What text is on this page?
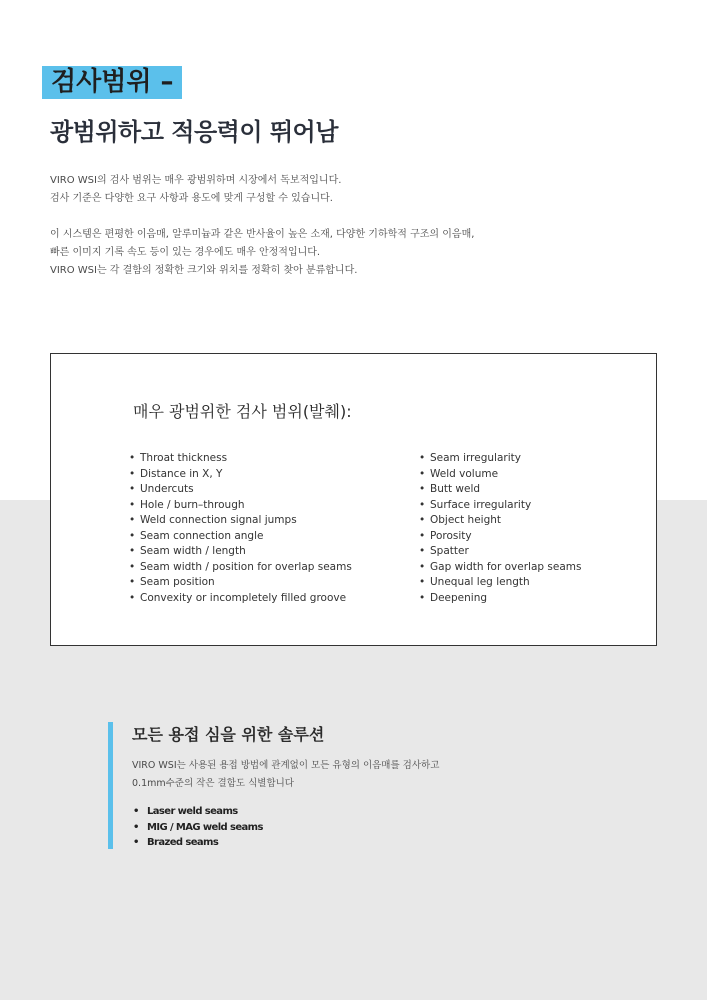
검사범위 –
광범위하고 적응력이 뛰어남

VIRO WSI의 검사 범위는 매우 광범위하며 시장에서 독보적입니다.

검사 기준은 다양한 요구 사항과 용도에 맞게 구성할 수 있습니다.

이 시스템은 편평한 이음매, 알루미늄과 같은 반사율이 높은 소재, 다양한 기하학적 구조의 이음매,

빠른 이미지 기록 속도 등이 있는 경우에도 매우 안정적입니다.

VIRO WSI는 각 결함의 정확한 크기와 위치를 정확히 찾아 분류합니다.

매우 광범위한 검사 범위(발췌):
• Throat thickness
• Distance in X, Y
• Undercuts
• Hole / burn–through
• Weld connection signal jumps
• Seam connection angle
• Seam width / length
• Seam width / position for overlap seams
• Seam position
• Convexity or incompletely filled groove
• Seam irregularity
• Weld volume
• Butt weld
• Surface irregularity
• Object height
• Porosity
• Spatter
• Gap width for overlap seams
• Unequal leg length
• Deepening
모든 용접 심을 위한 솔루션

VIRO WSI는 사용된 용접 방법에 관계없이 모든 유형의 이음매를 검사하고

0.1mm수준의 작은 결함도 식별합니다

• Laser weld seams
• MIG / MAG weld seams
• Brazed seams
